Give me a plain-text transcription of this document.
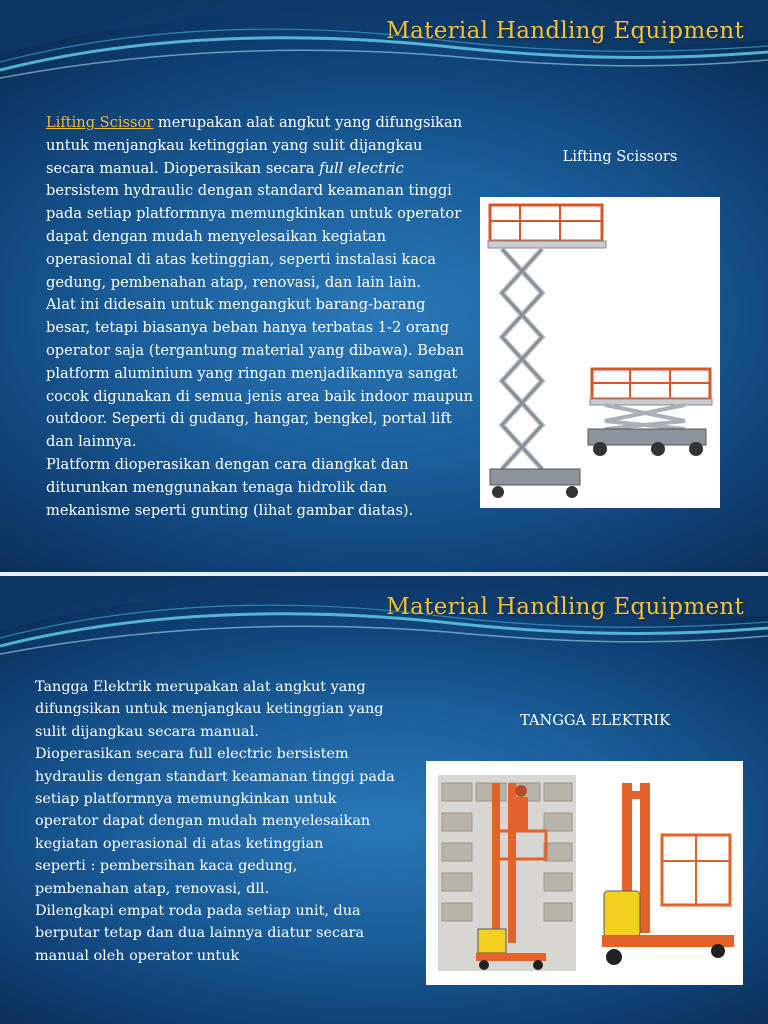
Material Handling Equipment
Lifting Scissor merupakan alat angkut yang difungsikan untuk menjangkau ketinggian yang sulit dijangkau secara manual. Dioperasikan secara full electric bersistem hydraulic dengan standard keamanan tinggi pada setiap platformnya memungkinkan untuk operator dapat dengan mudah menyelesaikan kegiatan operasional di atas ketinggian, seperti instalasi kaca gedung, pembenahan atap, renovasi, dan lain lain.
Alat ini didesain untuk mengangkut barang-barang besar, tetapi biasanya beban hanya terbatas 1-2 orang operator saja (tergantung material yang dibawa). Beban platform aluminium yang ringan menjadikannya sangat cocok digunakan di semua jenis area baik indoor maupun outdoor. Seperti di gudang, hangar, bengkel, portal lift dan lainnya.
Platform dioperasikan dengan cara diangkat dan diturunkan menggunakan tenaga hidrolik dan mekanisme seperti gunting (lihat gambar diatas).
Lifting Scissors
Material Handling Equipment
Tangga Elektrik merupakan alat angkut yang difungsikan untuk menjangkau ketinggian yang sulit dijangkau secara manual.
Dioperasikan secara full electric bersistem hydraulis dengan standart keamanan tinggi pada setiap platformnya memungkinkan untuk operator dapat dengan mudah menyelesaikan kegiatan operasional di atas ketinggian
seperti : pembersihan kaca gedung, pembenahan atap, renovasi, dll.
Dilengkapi empat roda pada setiap unit, dua berputar tetap dan dua lainnya diatur secara manual oleh operator untuk
TANGGA ELEKTRIK
